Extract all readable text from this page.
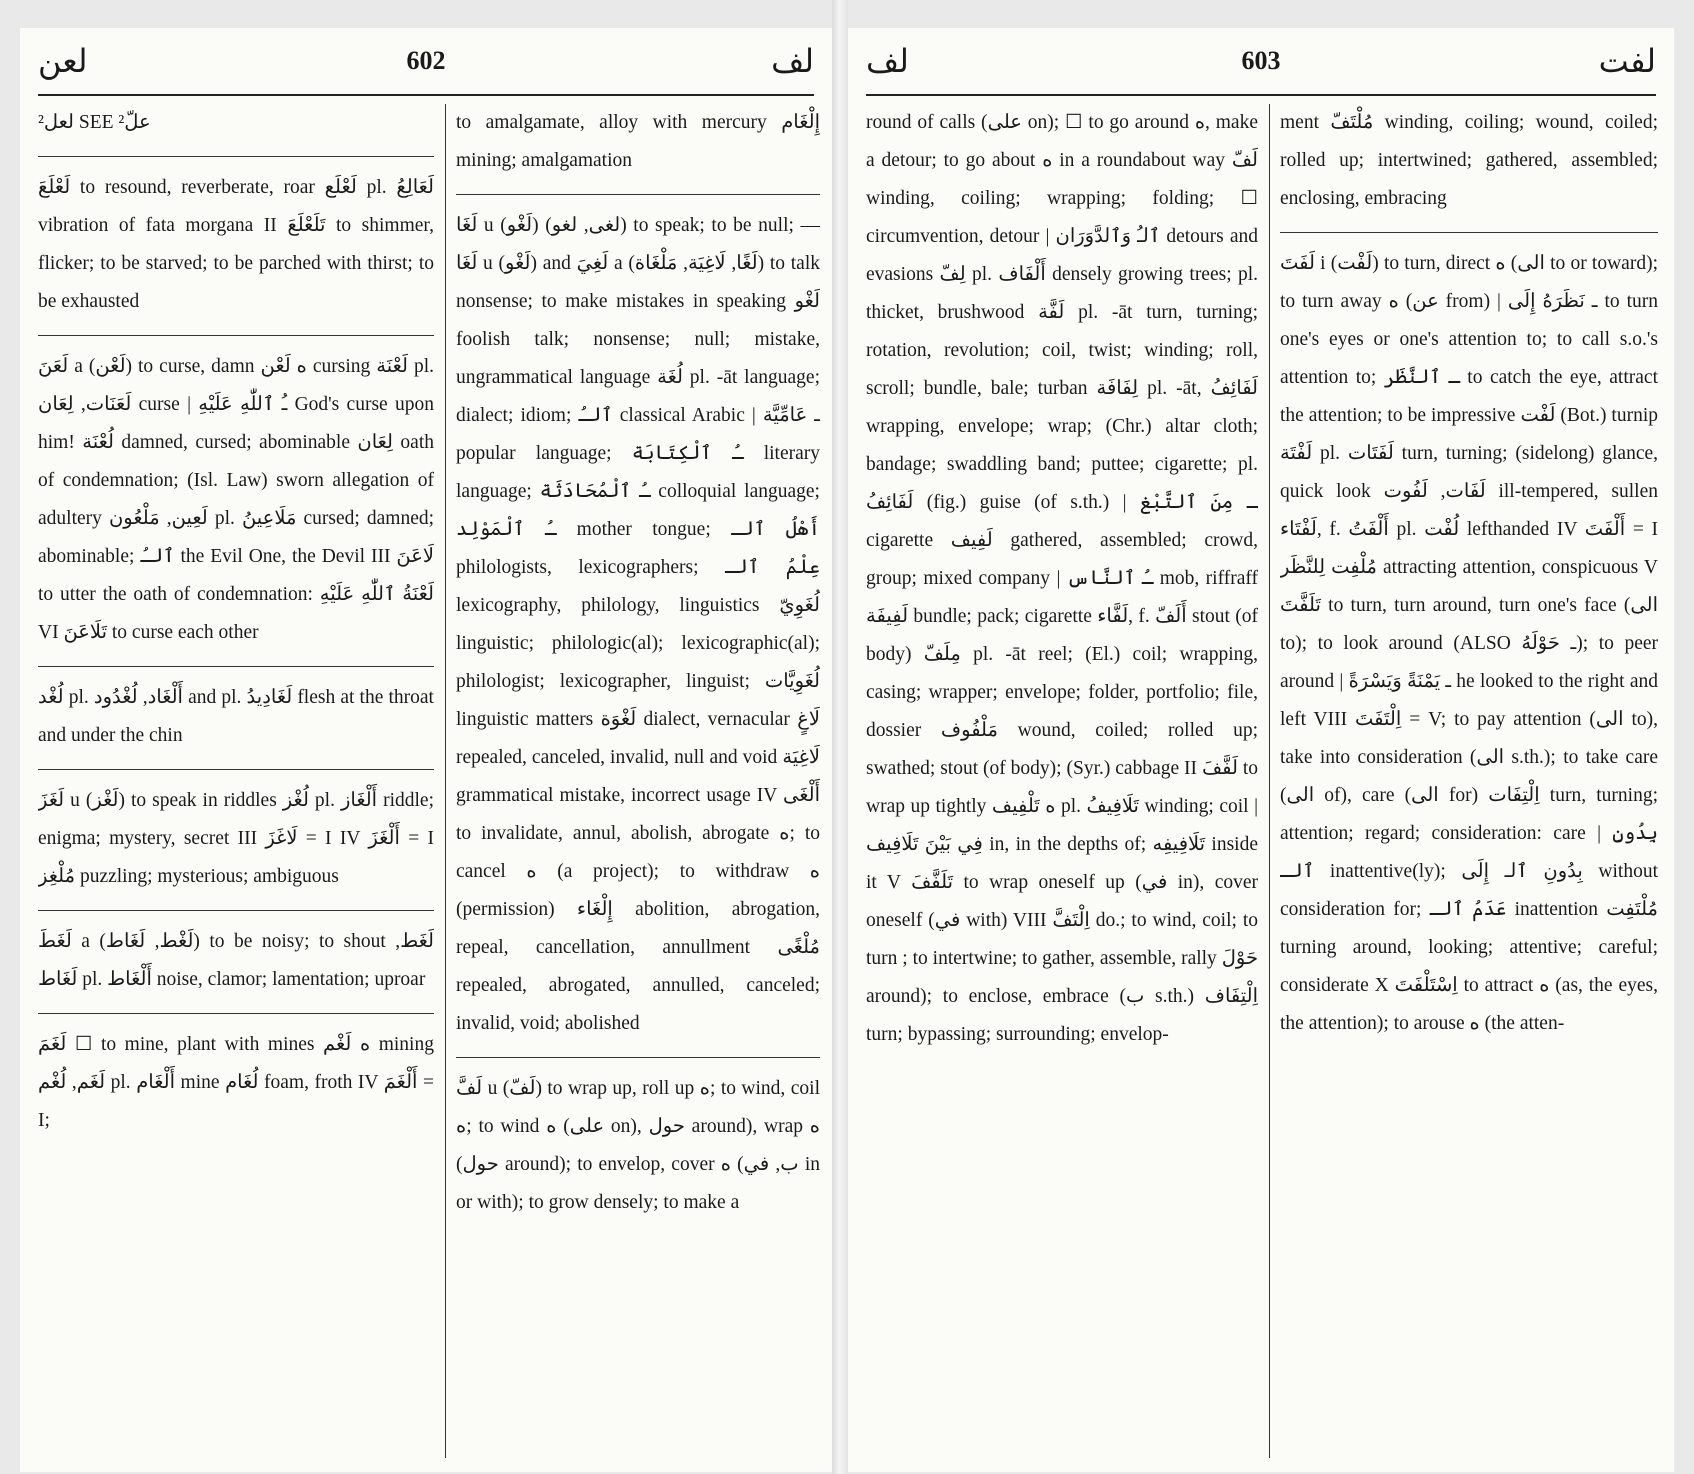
لعن	602	لف

لعل² SEE علّ²

لَعْلَعَ to resound, reverberate, roar لَعْلَع pl. لَعَالِعُ vibration of fata morgana II تَلَعْلَعَ to shimmer, flicker; to be starved; to be parched with thirst; to be exhausted

لَعَنَ a (لَعْن) to curse, damn ه لَعْن cursing لَعْنَة pl. لَعَنَات, لِعَان curse | ـُ ٱللّٰهِ عَلَيْهِ God's curse upon him! لُعْنَة damned, cursed; abominable لِعَان oath of condemnation; (Isl. Law) sworn allegation of adultery لَعِين, مَلْعُون pl. مَلَاعِينُ cursed; damned; abominable; ٱلـُ the Evil One, the Devil III لَاعَنَ to utter the oath of condemnation: لَعْنَةُ ٱللّٰهِ عَلَيْهِ VI تَلَاعَنَ to curse each other

لُغْد pl. أَلْغَاد, لُغْدُود and pl. لَغَادِيدُ flesh at the throat and under the chin

لَغَزَ u (لَغْز) to speak in riddles لُغْز pl. أَلْغَاز riddle; enigma; mystery, secret III لَاغَزَ = I IV أَلْغَزَ = I مُلْغِز puzzling; mysterious; ambiguous

لَغَطَ a (لَغْط, لَغَاط) to be noisy; to shout لَغَط, لَغَاط pl. أَلْغَاط noise, clamor; lamentation; uproar

لَغَمَ ☐ to mine, plant with mines ه لَغْم mining لَغَم, لُغْم pl. أَلْغَام mine لُغَام foam, froth IV أَلْغَمَ = I;

to amalgamate, alloy with mercury إِلْغَام mining; amalgamation

لَغَا u (لَغْو) (لغى, لغو) to speak; to be null; — لَغَا u (لَغْو) and لَغِيَ a (لَغًا, لَاغِيَة, مَلْغَاة) to talk nonsense; to make mistakes in speaking لَغْو foolish talk; nonsense; null; mistake, ungrammatical language لُغَة pl. -āt language; dialect; idiom; ٱلـُ classical Arabic | ـ عَامِّيَّة popular language; ـُ ٱلْكِتَابَة literary language; ـُ ٱلْمُحَادَثَة colloquial language; ـُ ٱلْمَوْلِد mother tongue; أَهْلُ ٱلـ philologists, lexicographers; عِلْمُ ٱلـ lexicography, philology, linguistics لُغَوِيّ linguistic; philologic(al); lexicographic(al); philologist; lexicographer, linguist; لُغَوِيَّات linguistic matters لَغْوَة dialect, vernacular لَاغٍ repealed, canceled, invalid, null and void لَاغِيَة grammatical mistake, incorrect usage IV أَلْغَى to invalidate, annul, abolish, abrogate ه; to cancel ه (a project); to withdraw ه (permission) إِلْغَاء abolition, abrogation, repeal, cancellation, annullment مُلْغًى repealed, abrogated, annulled, canceled; invalid, void; abolished

لَفَّ u (لَفّ) to wrap up, roll up ه; to wind, coil ه; to wind ه (على on), حول around), wrap ه (حول around); to envelop, cover ه (ب, في in or with); to grow densely; to make a

لف	603	لفت

round of calls (على on); ☐ to go around ه, make a detour; to go about ه in a roundabout way لَفّ winding, coiling; wrapping; folding; ☐ circumvention, detour | ٱلـُ وَٱلدَّوَرَان detours and evasions لِفّ pl. أَلْفَاف densely growing trees; pl. thicket, brushwood لَفَّة pl. -āt turn, turning; rotation, revolution; coil, twist; winding; roll, scroll; bundle, bale; turban لِفَافَة pl. -āt, لَفَائِفُ wrapping, envelope; wrap; (Chr.) altar cloth; bandage; swaddling band; puttee; cigarette; pl. لَفَائِفُ (fig.) guise (of s.th.) | ـ مِنَ ٱلتَّبْغ cigarette لَفِيف gathered, assembled; crowd, group; mixed company | ـُ ٱلنَّاس mob, riffraff لَفِيفَة bundle; pack; cigarette لَفَّاء, f. أَلَفّ stout (of body) مِلَفّ pl. -āt reel; (El.) coil; wrapping, casing; wrapper; envelope; folder, portfolio; file, dossier مَلْفُوف wound, coiled; rolled up; swathed; stout (of body); (Syr.) cabbage II لَفَّفَ to wrap up tightly ه تَلْفِيف pl. تَلَافِيفُ winding; coil | فِي بَيْنَ تَلَافِيف in, in the depths of; تَلَافِيفِه inside it V تَلَفَّفَ to wrap oneself up (في in), cover oneself (في with) VIII اِلْتَفَّ do.; to wind, coil; to turn ; to intertwine; to gather, assemble, rally حَوْلَ around); to enclose, embrace (ب s.th.) اِلْتِفَاف turn; bypassing; surrounding; envelop-

ment مُلْتَفّ winding, coiling; wound, coiled; rolled up; intertwined; gathered, assembled; enclosing, embracing

لَفَتَ i (لَفْت) to turn, direct ه (الى to or toward); to turn away ه (عن from) | ـ نَظَرَهُ إِلَى to turn one's eyes or one's attention to; to call s.o.'s attention to; ـ ٱلنَّظَر to catch the eye, attract the attention; to be impressive لَفْت (Bot.) turnip لَفْتَة pl. لَفَتَات turn, turning; (sidelong) glance, quick look لَفَات, لَفُوت ill-tempered, sullen لَفْتَاء, f. أَلْفَتُ pl. لُفْت lefthanded IV أَلْفَتَ = I مُلْفِت لِلنَّظَر attracting attention, conspicuous V تَلَفَّتَ to turn, turn around, turn one's face (الى to); to look around (ALSO ـ حَوْلَهُ); to peer around | ـ يَمْنَةً وَيَسْرَةً he looked to the right and left VIII اِلْتَفَتَ = V; to pay attention (الى to), take into consideration (الى s.th.); to take care (الى of), care (الى for) اِلْتِفَات turn, turning; attention; regard; consideration: care | بِدُونِ ٱلـ inattentive(ly); بِدُونِ ٱلـ إِلَى without consideration for; عَدَمُ ٱلـ inattention مُلْتَفِت turning around, looking; attentive; careful; considerate X اِسْتَلْفَتَ to attract ه (as, the eyes, the attention); to arouse ه (the atten-
